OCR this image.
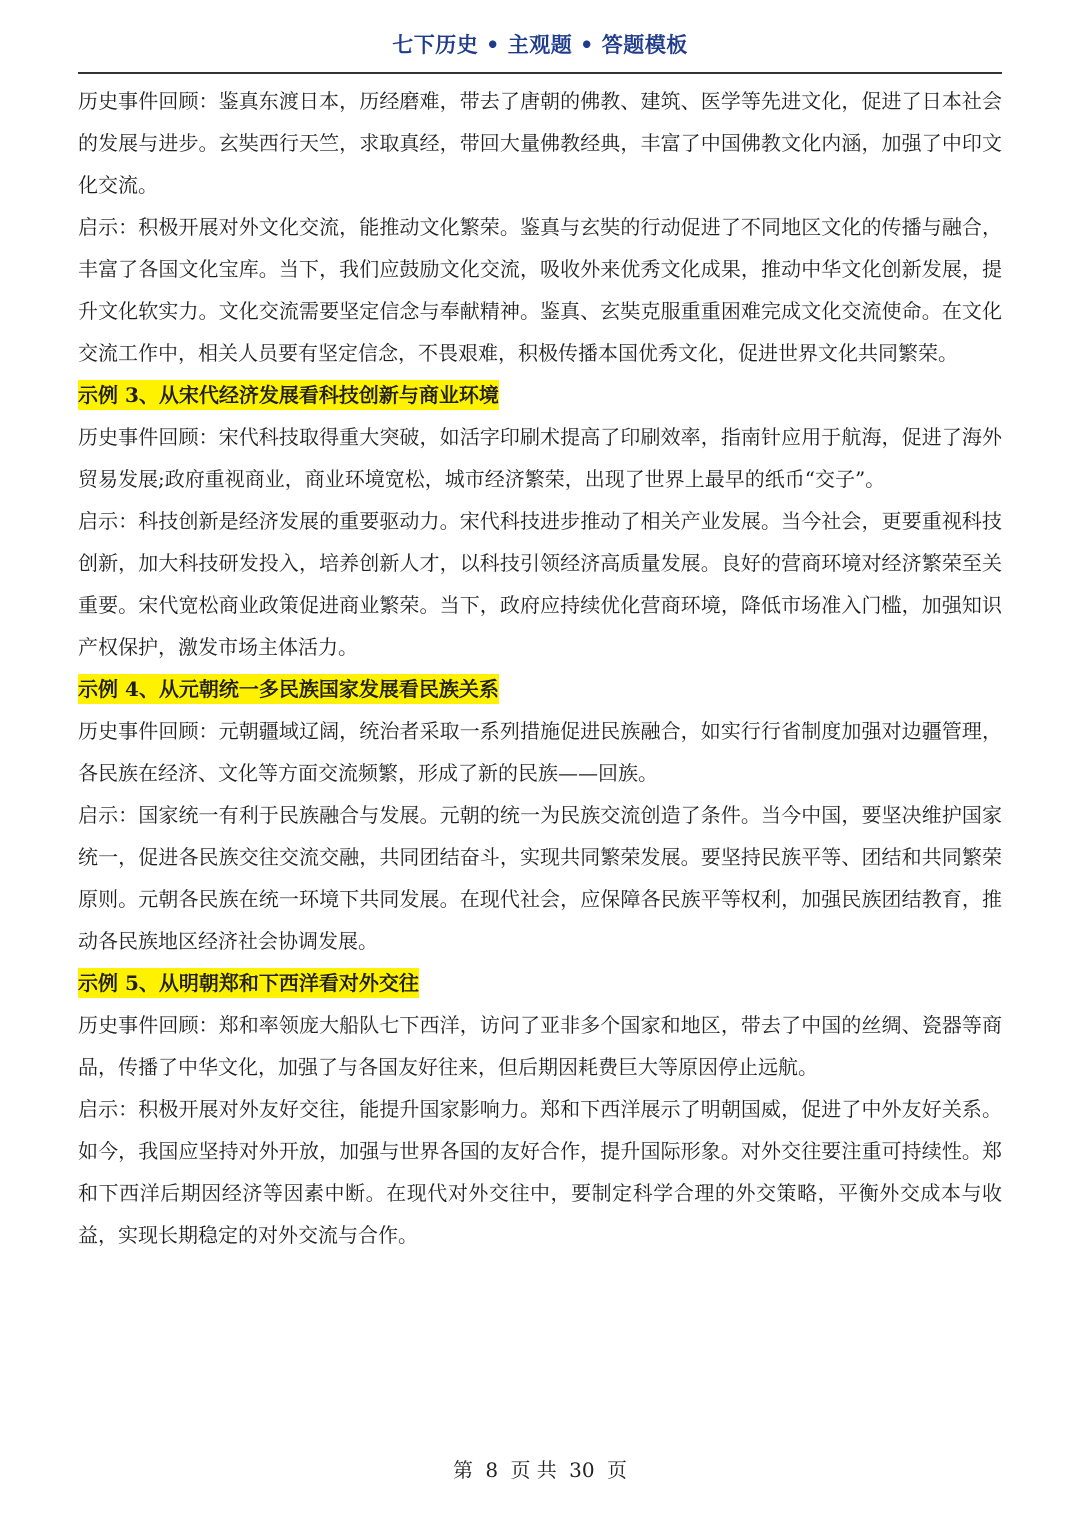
七下历史 • 主观题 • 答题模板

历史事件回顾：鉴真东渡日本，历经磨难，带去了唐朝的佛教、建筑、医学等先进文化，促进了日本社会的发展与进步。玄奘西行天竺，求取真经，带回大量佛教经典，丰富了中国佛教文化内涵，加强了中印文化交流。

启示：积极开展对外文化交流，能推动文化繁荣。鉴真与玄奘的行动促进了不同地区文化的传播与融合，丰富了各国文化宝库。当下，我们应鼓励文化交流，吸收外来优秀文化成果，推动中华文化创新发展，提升文化软实力。文化交流需要坚定信念与奉献精神。鉴真、玄奘克服重重困难完成文化交流使命。在文化交流工作中，相关人员要有坚定信念，不畏艰难，积极传播本国优秀文化，促进世界文化共同繁荣。

示例 3、从宋代经济发展看科技创新与商业环境

历史事件回顾：宋代科技取得重大突破，如活字印刷术提高了印刷效率，指南针应用于航海，促进了海外贸易发展;政府重视商业，商业环境宽松，城市经济繁荣，出现了世界上最早的纸币“交子”。

启示：科技创新是经济发展的重要驱动力。宋代科技进步推动了相关产业发展。当今社会，更要重视科技创新，加大科技研发投入，培养创新人才，以科技引领经济高质量发展。良好的营商环境对经济繁荣至关重要。宋代宽松商业政策促进商业繁荣。当下，政府应持续优化营商环境，降低市场准入门槛，加强知识产权保护，激发市场主体活力。

示例 4、从元朝统一多民族国家发展看民族关系

历史事件回顾：元朝疆域辽阔，统治者采取一系列措施促进民族融合，如实行行省制度加强对边疆管理，各民族在经济、文化等方面交流频繁，形成了新的民族——回族。

启示：国家统一有利于民族融合与发展。元朝的统一为民族交流创造了条件。当今中国，要坚决维护国家统一，促进各民族交往交流交融，共同团结奋斗，实现共同繁荣发展。要坚持民族平等、团结和共同繁荣原则。元朝各民族在统一环境下共同发展。在现代社会，应保障各民族平等权利，加强民族团结教育，推动各民族地区经济社会协调发展。

示例 5、从明朝郑和下西洋看对外交往

历史事件回顾：郑和率领庞大船队七下西洋，访问了亚非多个国家和地区，带去了中国的丝绸、瓷器等商品，传播了中华文化，加强了与各国友好往来，但后期因耗费巨大等原因停止远航。

启示：积极开展对外友好交往，能提升国家影响力。郑和下西洋展示了明朝国威，促进了中外友好关系。如今，我国应坚持对外开放，加强与世界各国的友好合作，提升国际形象。对外交往要注重可持续性。郑和下西洋后期因经济等因素中断。在现代对外交往中，要制定科学合理的外交策略，平衡外交成本与收益，实现长期稳定的对外交流与合作。

第 8 页 共 30 页
